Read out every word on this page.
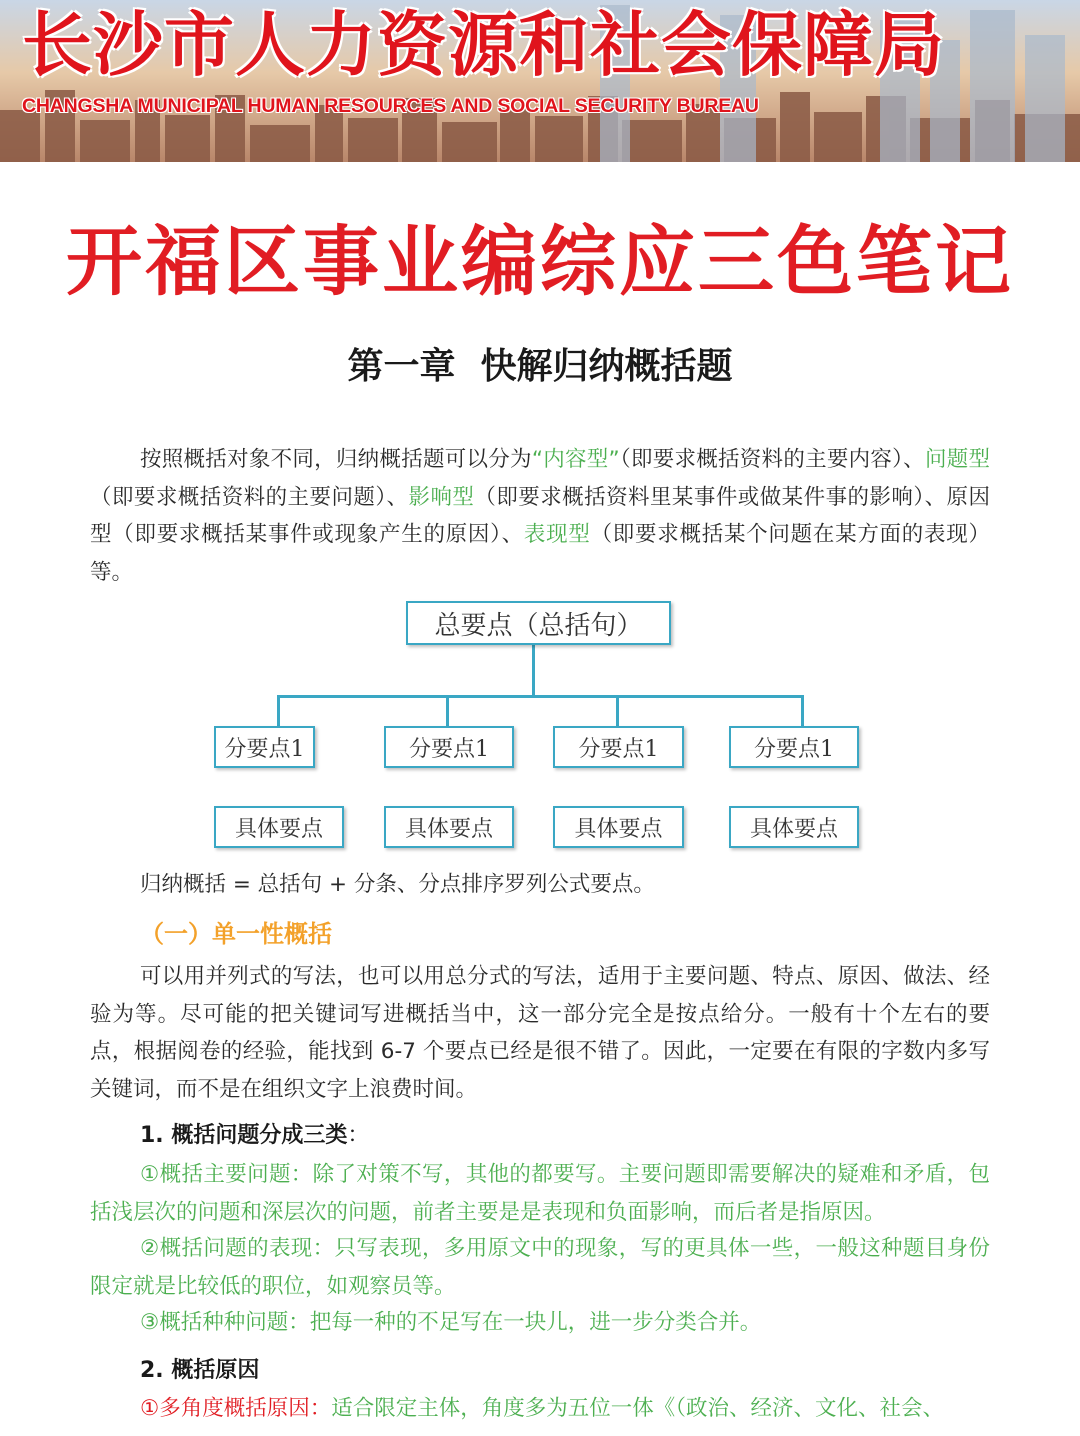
长沙市人力资源和社会保障局
CHANGSHA MUNICIPAL HUMAN RESOURCES AND SOCIAL SECURITY BUREAU
开福区事业编综应三色笔记
第一章  快解归纳概括题

按照概括对象不同，归纳概括题可以分为“内容型”（即要求概括资料的主要内容）、问题型（即要求概括资料的主要问题）、影响型（即要求概括资料里某事件或做某件事的影响）、原因型（即要求概括某事件或现象产生的原因）、表现型（即要求概括某个问题在某方面的表现）等。

总要点（总括句）
分要点1	分要点1	分要点1	分要点1
具体要点	具体要点	具体要点	具体要点

归纳概括 = 总括句 + 分条、分点排序罗列公式要点。

（一）单一性概括

可以用并列式的写法，也可以用总分式的写法，适用于主要问题、特点、原因、做法、经验为等。尽可能的把关键词写进概括当中，这一部分完全是按点给分。一般有十个左右的要点，根据阅卷的经验，能找到 6-7 个要点已经是很不错了。因此，一定要在有限的字数内多写关键词，而不是在组织文字上浪费时间。

1. 概括问题分成三类：

①概括主要问题：除了对策不写，其他的都要写。主要问题即需要解决的疑难和矛盾，包括浅层次的问题和深层次的问题，前者主要是是表现和负面影响，而后者是指原因。

②概括问题的表现：只写表现，多用原文中的现象，写的更具体一些，一般这种题目身份限定就是比较低的职位，如观察员等。

③概括种种问题：把每一种的不足写在一块儿，进一步分类合并。

2. 概括原因

①多角度概括原因：适合限定主体，角度多为五位一体《（政治、经济、文化、社会、
